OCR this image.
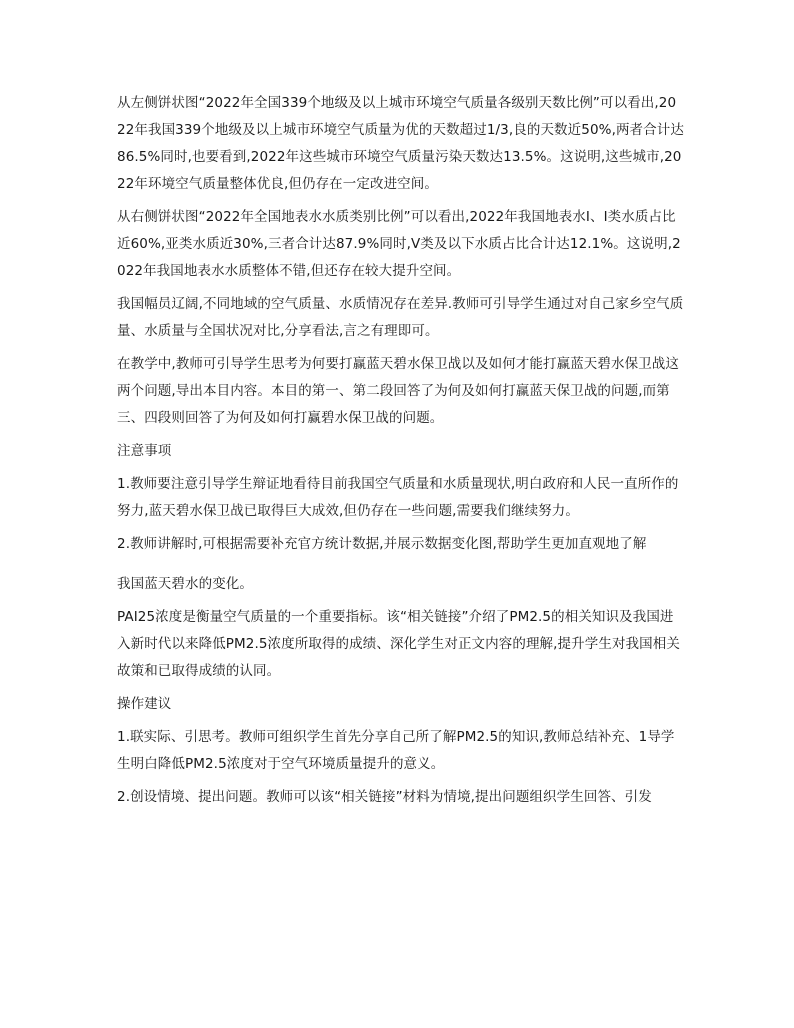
从左侧饼状图“2022年全国339个地级及以上城市环境空气质量各级别天数比例”可以看出,2022年我国339个地级及以上城市环境空气质量为优的天数超过1/3,良的天数近50%,两者合计达86.5%同时,也要看到,2022年这些城市环境空气质量污染天数达13.5%。这说明,这些城市,2022年环境空气质量整体优良,但仍存在一定改进空间。

从右侧饼状图“2022年全国地表水水质类别比例”可以看出,2022年我国地表水Ⅰ、Ⅰ类水质占比近60%,亚类水质近30%,三者合计达87.9%同时,Ⅴ类及以下水质占比合计达12.1%。这说明,2022年我国地表水水质整体不错,但还存在较大提升空间。

我国幅员辽阔,不同地域的空气质量、水质情况存在差异.教师可引导学生通过对自己家乡空气质量、水质量与全国状况对比,分享看法,言之有理即可。

在教学中,教师可引导学生思考为何要打赢蓝天碧水保卫战以及如何才能打赢蓝天碧水保卫战这两个问题,导出本目内容。本目的第一、第二段回答了为何及如何打赢蓝天保卫战的问题,而第三、四段则回答了为何及如何打赢碧水保卫战的问题。

注意事项

1.教师要注意引导学生辩证地看待目前我国空气质量和水质量现状,明白政府和人民一直所作的努力,蓝天碧水保卫战已取得巨大成效,但仍存在一些问题,需要我们继续努力。

2.教师讲解时,可根据需要补充官方统计数据,并展示数据变化图,帮助学生更加直观地了解

我国蓝天碧水的变化。

PAI25浓度是衡量空气质量的一个重要指标。该“相关链接”介绍了PM2.5的相关知识及我国进入新时代以来降低PM2.5浓度所取得的成绩、深化学生对正文内容的理解,提升学生对我国相关故策和已取得成绩的认同。

操作建议

1.联实际、引思考。教师可组织学生首先分享自己所了解PM2.5的知识,教师总结补充、1导学生明白降低PM2.5浓度对于空气环境质量提升的意义。

2.创设情境、提出问题。教师可以该“相关链接”材料为情境,提出问题组织学生回答、引发
